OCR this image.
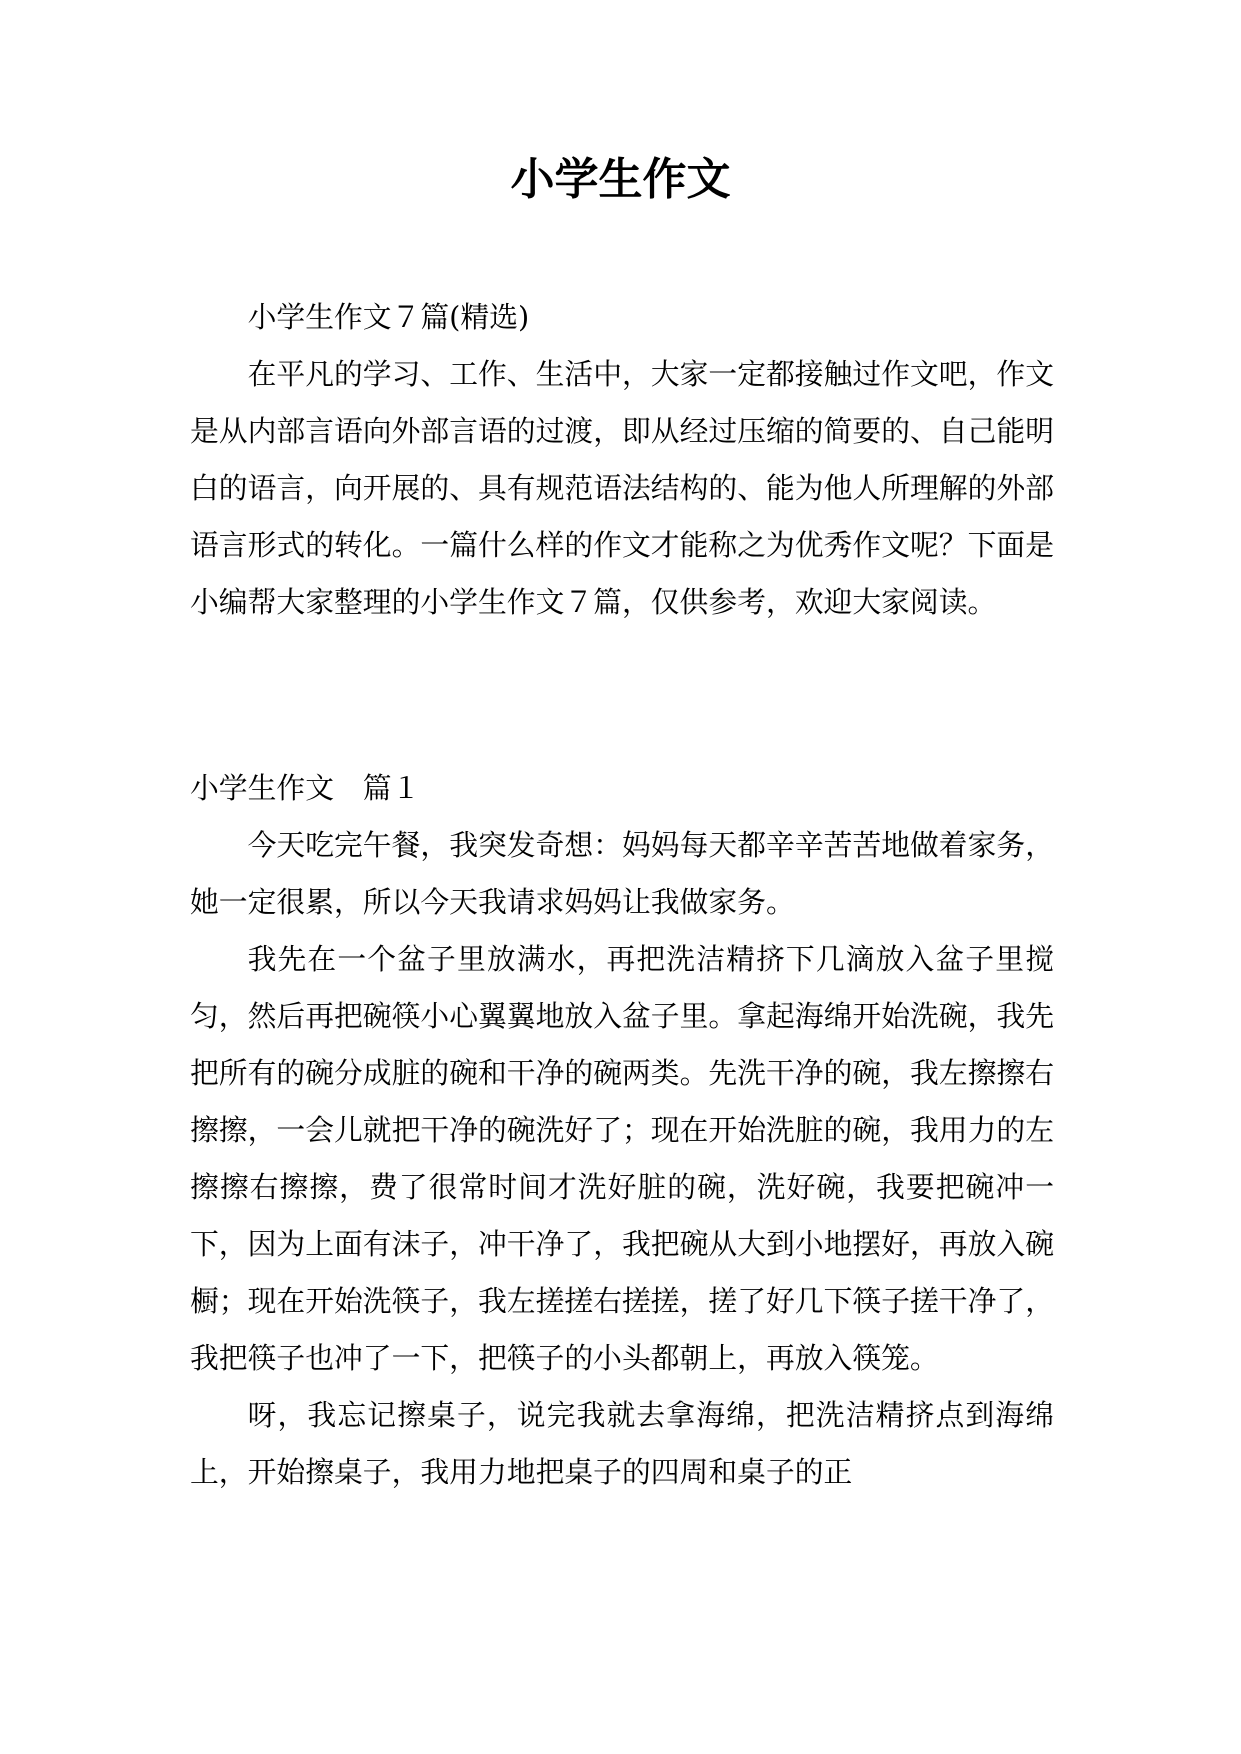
小学生作文

小学生作文７篇(精选)

在平凡的学习、工作、生活中，大家一定都接触过作文吧，作文是从内部言语向外部言语的过渡，即从经过压缩的简要的、自己能明白的语言，向开展的、具有规范语法结构的、能为他人所理解的外部语言形式的转化。一篇什么样的作文才能称之为优秀作文呢？下面是小编帮大家整理的小学生作文７篇，仅供参考，欢迎大家阅读。

小学生作文　篇１

今天吃完午餐，我突发奇想：妈妈每天都辛辛苦苦地做着家务，她一定很累，所以今天我请求妈妈让我做家务。

我先在一个盆子里放满水，再把洗洁精挤下几滴放入盆子里搅匀，然后再把碗筷小心翼翼地放入盆子里。拿起海绵开始洗碗，我先把所有的碗分成脏的碗和干净的碗两类。先洗干净的碗，我左擦擦右擦擦，一会儿就把干净的碗洗好了；现在开始洗脏的碗，我用力的左擦擦右擦擦，费了很常时间才洗好脏的碗，洗好碗，我要把碗冲一下，因为上面有沫子，冲干净了，我把碗从大到小地摆好，再放入碗橱；现在开始洗筷子，我左搓搓右搓搓，搓了好几下筷子搓干净了，我把筷子也冲了一下，把筷子的小头都朝上，再放入筷笼。

呀，我忘记擦桌子，说完我就去拿海绵，把洗洁精挤点到海绵上，开始擦桌子，我用力地把桌子的四周和桌子的正
